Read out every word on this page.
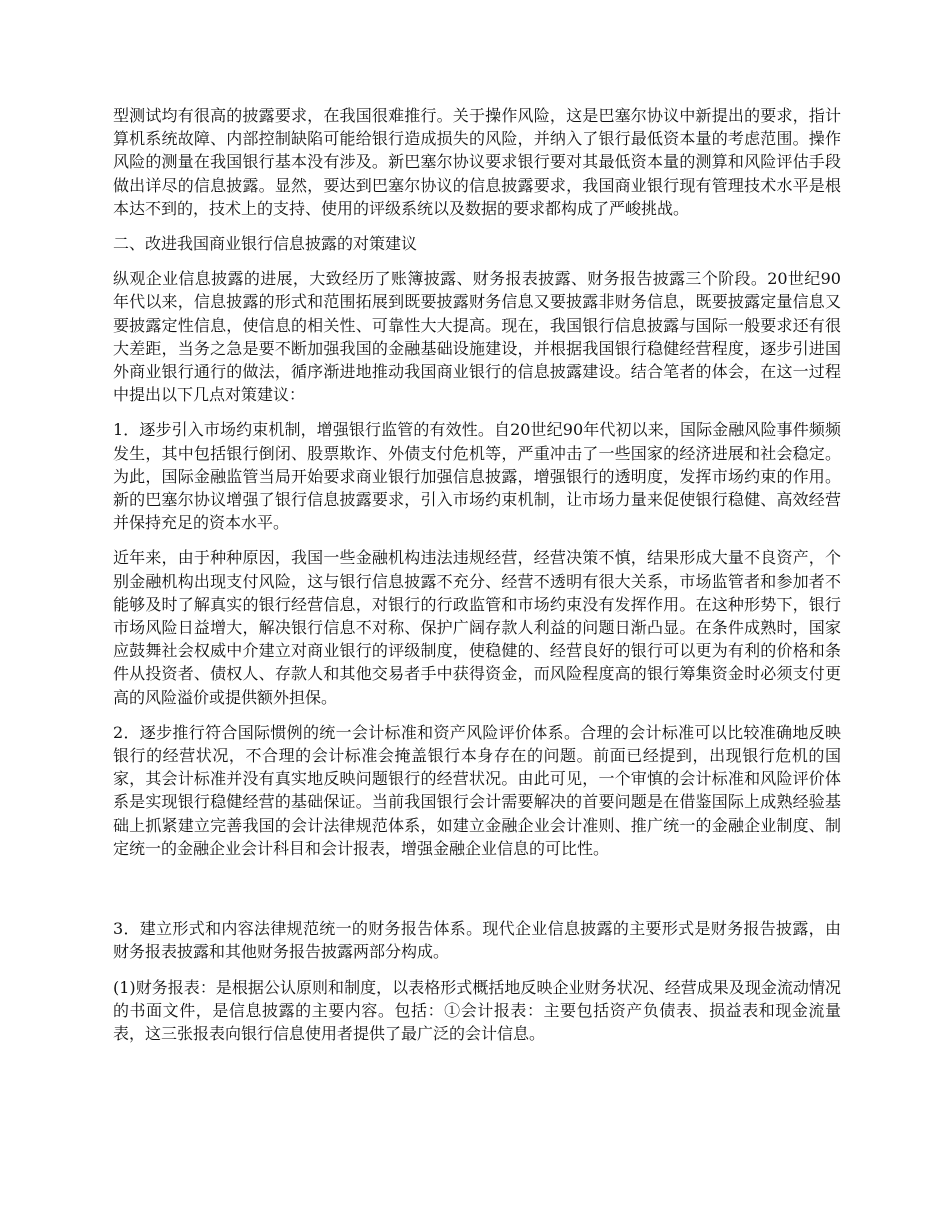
型测试均有很高的披露要求，在我国很难推行。关于操作风险，这是巴塞尔协议中新提出的要求，指计算机系统故障、内部控制缺陷可能给银行造成损失的风险，并纳入了银行最低资本量的考虑范围。操作风险的测量在我国银行基本没有涉及。新巴塞尔协议要求银行要对其最低资本量的测算和风险评估手段做出详尽的信息披露。显然，要达到巴塞尔协议的信息披露要求，我国商业银行现有管理技术水平是根本达不到的，技术上的支持、使用的评级系统以及数据的要求都构成了严峻挑战。

二、改进我国商业银行信息披露的对策建议

纵观企业信息披露的进展，大致经历了账簿披露、财务报表披露、财务报告披露三个阶段。20世纪90年代以来，信息披露的形式和范围拓展到既要披露财务信息又要披露非财务信息，既要披露定量信息又要披露定性信息，使信息的相关性、可靠性大大提高。现在，我国银行信息披露与国际一般要求还有很大差距，当务之急是要不断加强我国的金融基础设施建设，并根据我国银行稳健经营程度，逐步引进国外商业银行通行的做法，循序渐进地推动我国商业银行的信息披露建设。结合笔者的体会，在这一过程中提出以下几点对策建议：

1．逐步引入市场约束机制，增强银行监管的有效性。自20世纪90年代初以来，国际金融风险事件频频发生，其中包括银行倒闭、股票欺诈、外债支付危机等，严重冲击了一些国家的经济进展和社会稳定。为此，国际金融监管当局开始要求商业银行加强信息披露，增强银行的透明度，发挥市场约束的作用。新的巴塞尔协议增强了银行信息披露要求，引入市场约束机制，让市场力量来促使银行稳健、高效经营并保持充足的资本水平。

近年来，由于种种原因，我国一些金融机构违法违规经营，经营决策不慎，结果形成大量不良资产，个别金融机构出现支付风险，这与银行信息披露不充分、经营不透明有很大关系，市场监管者和参加者不能够及时了解真实的银行经营信息，对银行的行政监管和市场约束没有发挥作用。在这种形势下，银行市场风险日益增大，解决银行信息不对称、保护广阔存款人利益的问题日渐凸显。在条件成熟时，国家应鼓舞社会权威中介建立对商业银行的评级制度，使稳健的、经营良好的银行可以更为有利的价格和条件从投资者、债权人、存款人和其他交易者手中获得资金，而风险程度高的银行筹集资金时必须支付更高的风险溢价或提供额外担保。

2．逐步推行符合国际惯例的统一会计标准和资产风险评价体系。合理的会计标准可以比较准确地反映银行的经营状况，不合理的会计标准会掩盖银行本身存在的问题。前面已经提到，出现银行危机的国家，其会计标准并没有真实地反映问题银行的经营状况。由此可见，一个审慎的会计标准和风险评价体系是实现银行稳健经营的基础保证。当前我国银行会计需要解决的首要问题是在借鉴国际上成熟经验基础上抓紧建立完善我国的会计法律规范体系，如建立金融企业会计准则、推广统一的金融企业制度、制定统一的金融企业会计科目和会计报表，增强金融企业信息的可比性。

3．建立形式和内容法律规范统一的财务报告体系。现代企业信息披露的主要形式是财务报告披露，由财务报表披露和其他财务报告披露两部分构成。

(1)财务报表：是根据公认原则和制度，以表格形式概括地反映企业财务状况、经营成果及现金流动情况的书面文件，是信息披露的主要内容。包括：①会计报表：主要包括资产负债表、损益表和现金流量表，这三张报表向银行信息使用者提供了最广泛的会计信息。
